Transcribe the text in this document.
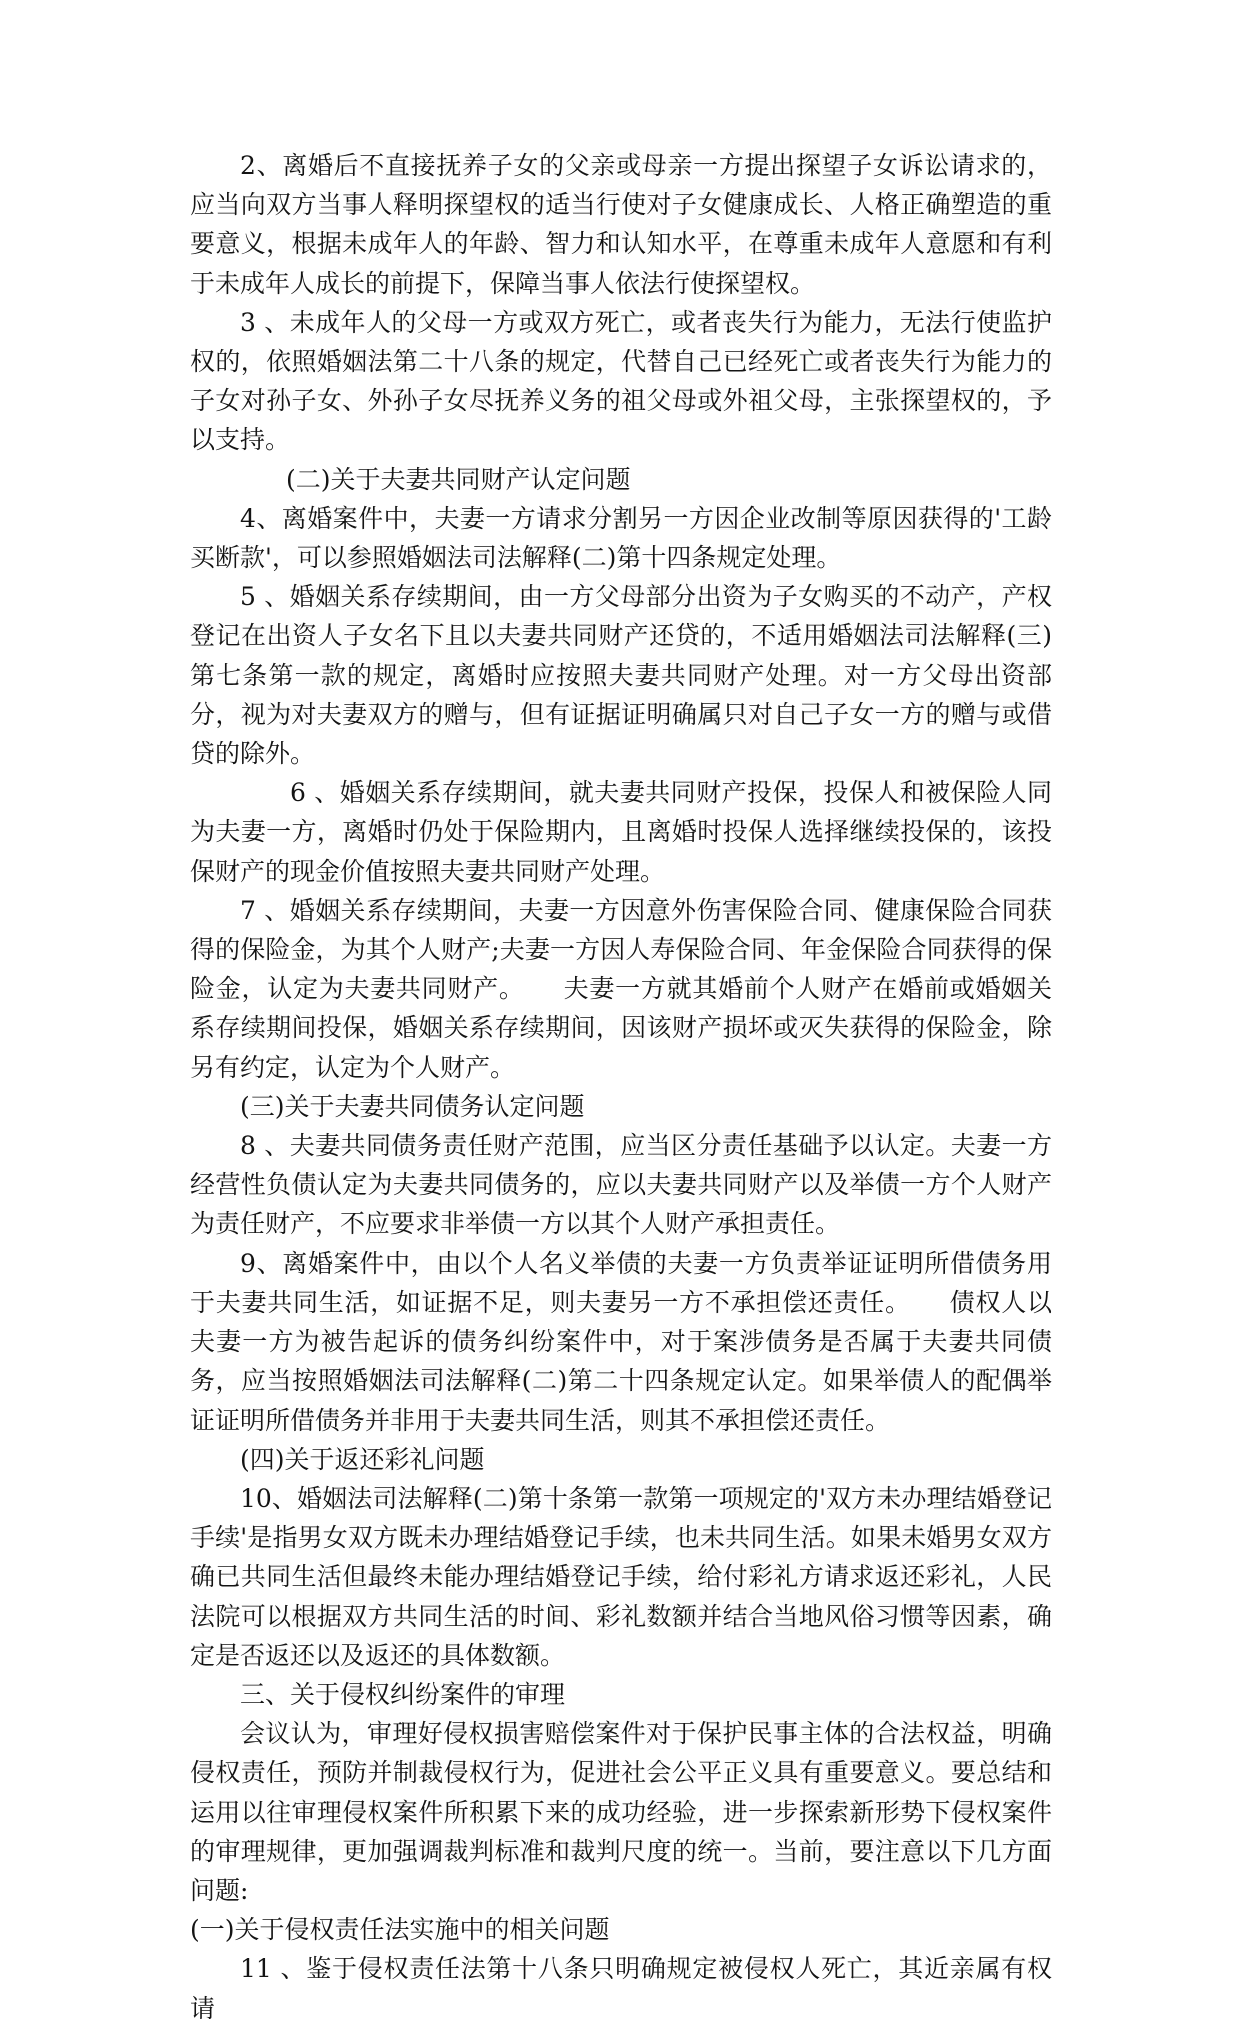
2、离婚后不直接抚养子女的父亲或母亲一方提出探望子女诉讼请求的，应当向双方当事人释明探望权的适当行使对子女健康成长、人格正确塑造的重要意义，根据未成年人的年龄、智力和认知水平，在尊重未成年人意愿和有利于未成年人成长的前提下，保障当事人依法行使探望权。

3 、未成年人的父母一方或双方死亡，或者丧失行为能力，无法行使监护权的，依照婚姻法第二十八条的规定，代替自己已经死亡或者丧失行为能力的子女对孙子女、外孙子女尽抚养义务的祖父母或外祖父母，主张探望权的，予以支持。

(二)关于夫妻共同财产认定问题

4、离婚案件中，夫妻一方请求分割另一方因企业改制等原因获得的'工龄买断款'，可以参照婚姻法司法解释(二)第十四条规定处理。

5 、婚姻关系存续期间，由一方父母部分出资为子女购买的不动产，产权登记在出资人子女名下且以夫妻共同财产还贷的，不适用婚姻法司法解释(三)第七条第一款的规定，离婚时应按照夫妻共同财产处理。对一方父母出资部分，视为对夫妻双方的赠与，但有证据证明确属只对自己子女一方的赠与或借贷的除外。

6 、婚姻关系存续期间，就夫妻共同财产投保，投保人和被保险人同为夫妻一方，离婚时仍处于保险期内，且离婚时投保人选择继续投保的，该投保财产的现金价值按照夫妻共同财产处理。

7 、婚姻关系存续期间，夫妻一方因意外伤害保险合同、健康保险合同获得的保险金，为其个人财产;夫妻一方因人寿保险合同、年金保险合同获得的保险金，认定为夫妻共同财产。　　夫妻一方就其婚前个人财产在婚前或婚姻关系存续期间投保，婚姻关系存续期间，因该财产损坏或灭失获得的保险金，除另有约定，认定为个人财产。

(三)关于夫妻共同债务认定问题

8 、夫妻共同债务责任财产范围，应当区分责任基础予以认定。夫妻一方经营性负债认定为夫妻共同债务的，应以夫妻共同财产以及举债一方个人财产为责任财产，不应要求非举债一方以其个人财产承担责任。

9、离婚案件中，由以个人名义举债的夫妻一方负责举证证明所借债务用于夫妻共同生活，如证据不足，则夫妻另一方不承担偿还责任。　　债权人以夫妻一方为被告起诉的债务纠纷案件中，对于案涉债务是否属于夫妻共同债务，应当按照婚姻法司法解释(二)第二十四条规定认定。如果举债人的配偶举证证明所借债务并非用于夫妻共同生活，则其不承担偿还责任。

(四)关于返还彩礼问题

10、婚姻法司法解释(二)第十条第一款第一项规定的'双方未办理结婚登记手续'是指男女双方既未办理结婚登记手续，也未共同生活。如果未婚男女双方确已共同生活但最终未能办理结婚登记手续，给付彩礼方请求返还彩礼，人民法院可以根据双方共同生活的时间、彩礼数额并结合当地风俗习惯等因素，确定是否返还以及返还的具体数额。

三、关于侵权纠纷案件的审理

会议认为，审理好侵权损害赔偿案件对于保护民事主体的合法权益，明确侵权责任，预防并制裁侵权行为，促进社会公平正义具有重要意义。要总结和运用以往审理侵权案件所积累下来的成功经验，进一步探索新形势下侵权案件的审理规律，更加强调裁判标准和裁判尺度的统一。当前，要注意以下几方面问题:

(一)关于侵权责任法实施中的相关问题

11 、鉴于侵权责任法第十八条只明确规定被侵权人死亡，其近亲属有权请
